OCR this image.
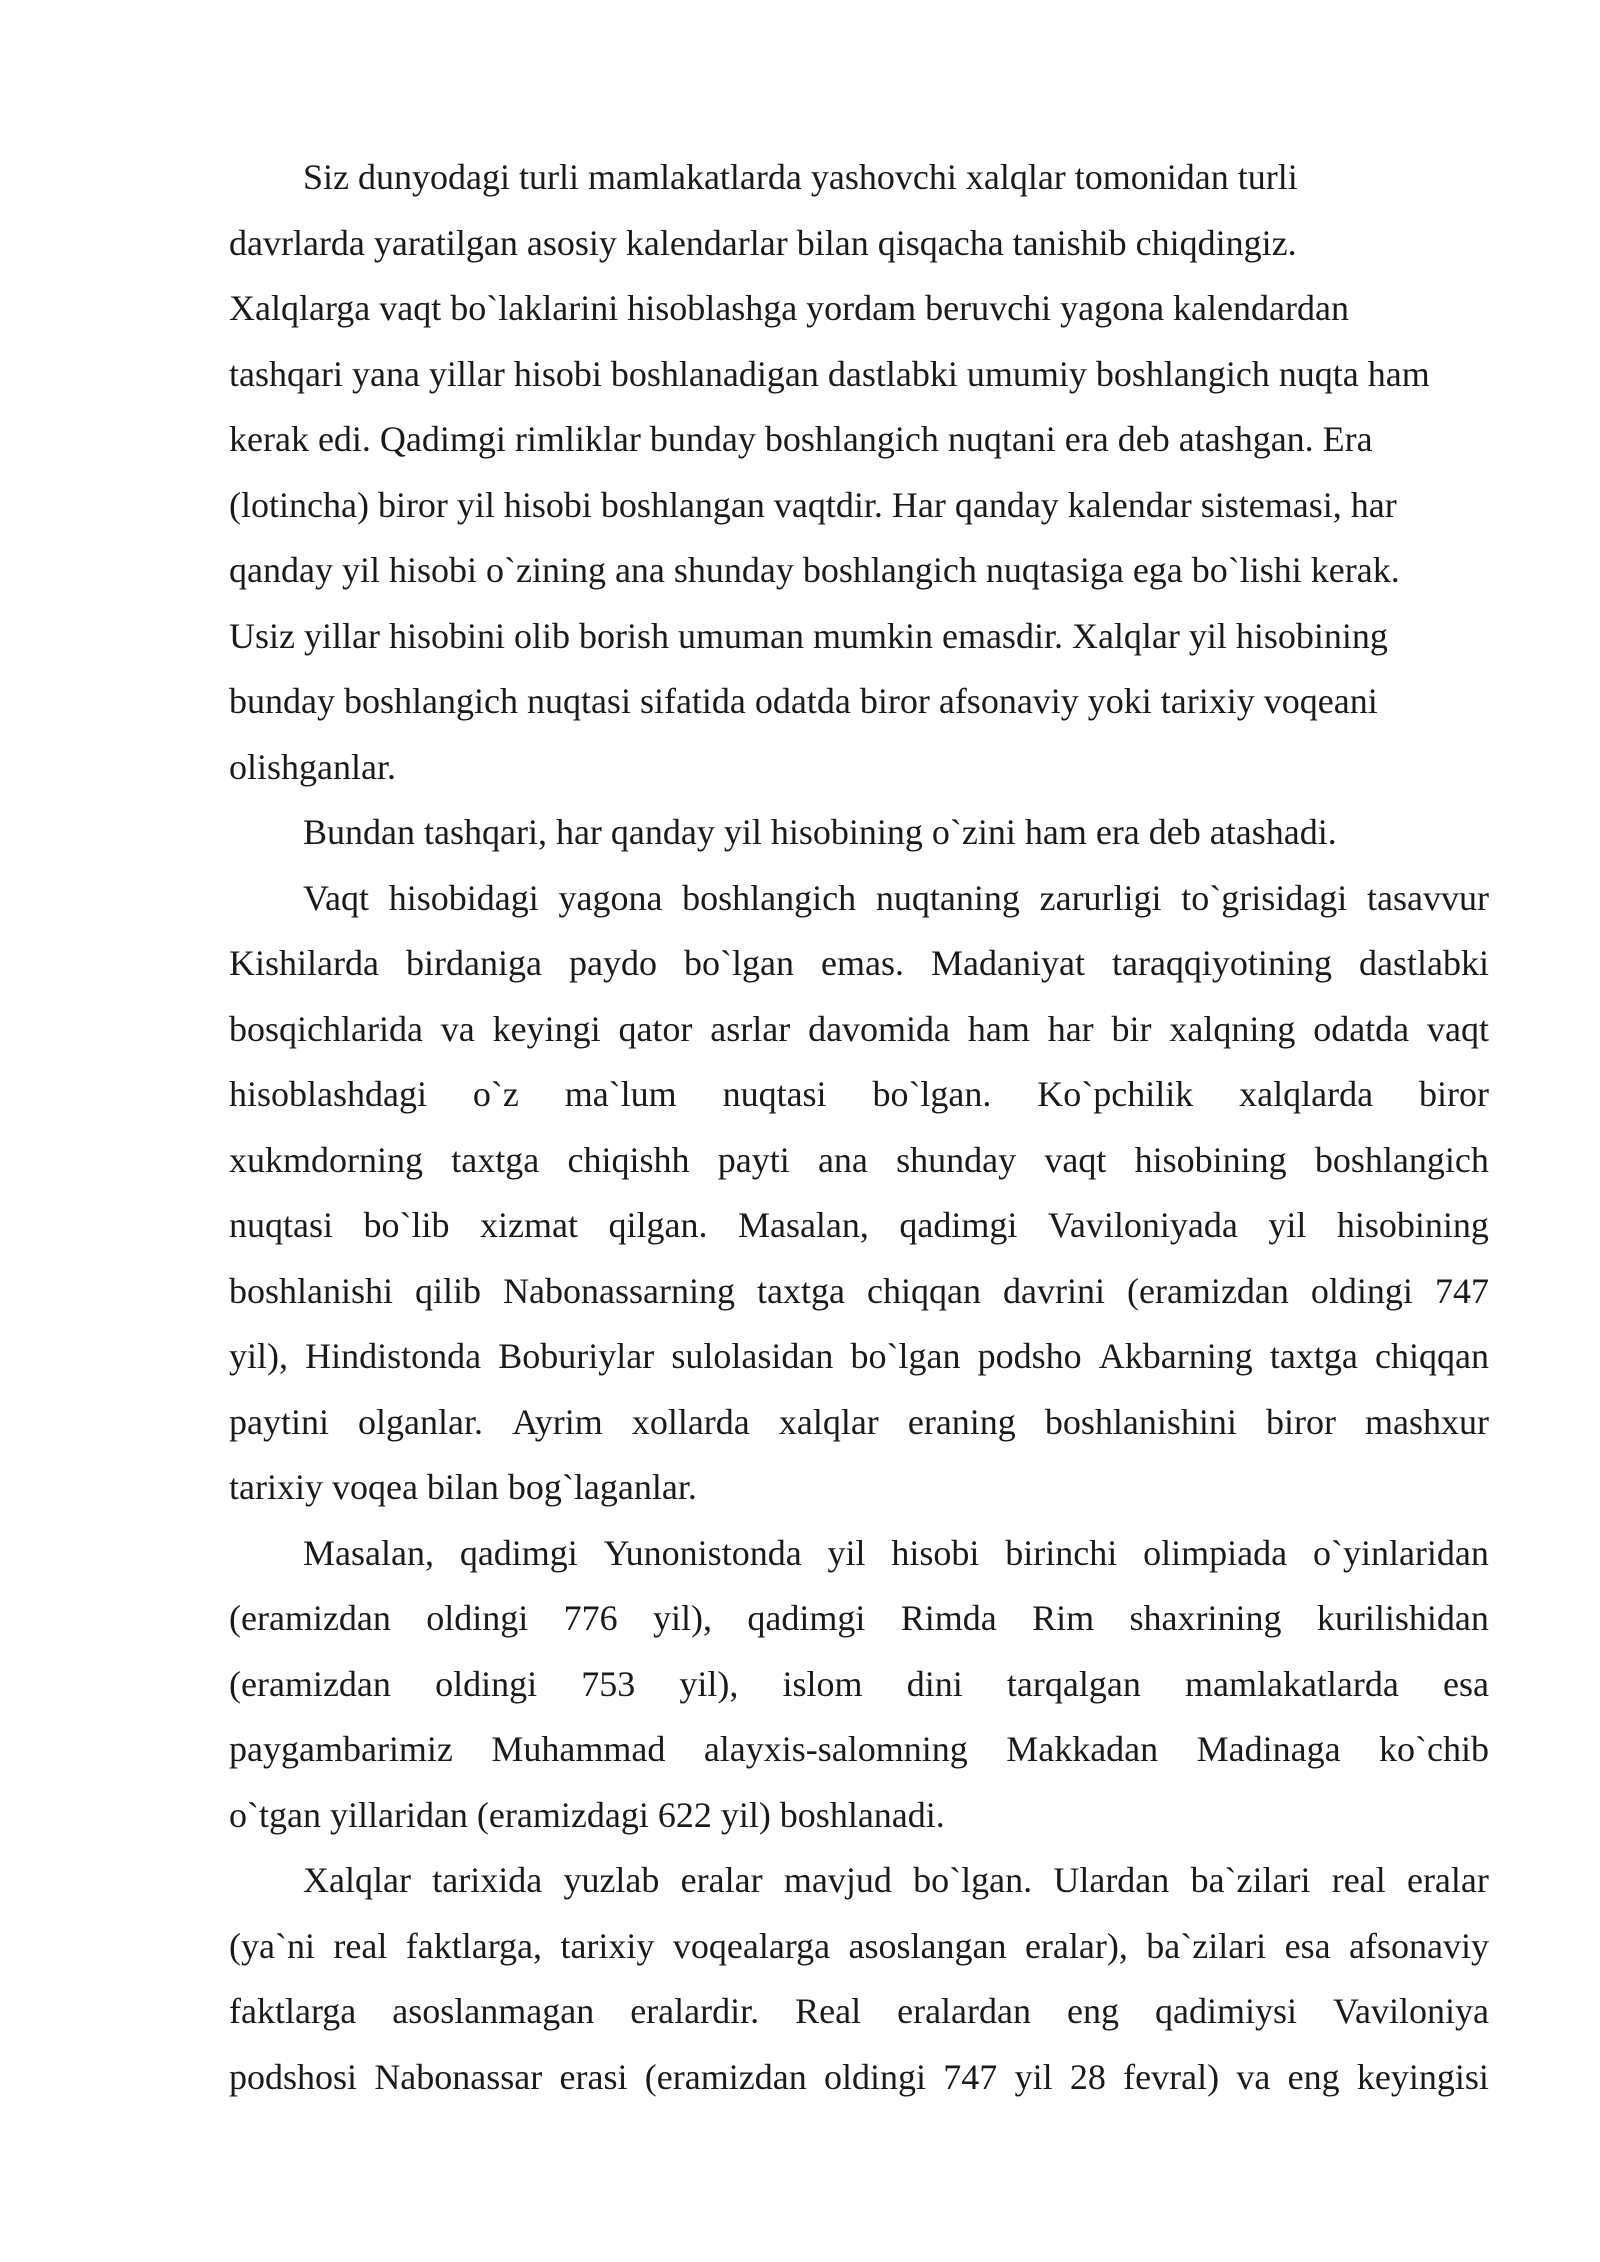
Siz dunyodagi turli mamlakatlarda yashovchi xalqlar tomonidan turli
davrlarda yaratilgan asosiy kalendarlar bilan qisqacha tanishib chiqdingiz.
Xalqlarga vaqt bo`laklarini hisoblashga yordam beruvchi yagona kalendardan
tashqari yana yillar hisobi boshlanadigan dastlabki umumiy boshlangich nuqta ham
kerak edi. Qadimgi rimliklar bunday boshlangich nuqtani era deb atashgan. Era
(lotincha) biror yil hisobi boshlangan vaqtdir. Har qanday kalendar sistemasi, har
qanday yil hisobi o`zining ana shunday boshlangich nuqtasiga ega bo`lishi kerak.
Usiz yillar hisobini olib borish umuman mumkin emasdir. Xalqlar yil hisobining
bunday boshlangich nuqtasi sifatida odatda biror afsonaviy yoki tarixiy voqeani
olishganlar.
Bundan tashqari, har qanday yil hisobining o`zini ham era deb atashadi.
Vaqt hisobidagi yagona boshlangich nuqtaning zarurligi to`grisidagi tasavvur
Kishilarda birdaniga paydo bo`lgan emas. Madaniyat taraqqiyotining dastlabki
bosqichlarida va keyingi qator asrlar davomida ham har bir xalqning odatda vaqt
hisoblashdagi o`z ma`lum nuqtasi bo`lgan. Ko`pchilik xalqlarda biror
xukmdorning taxtga chiqishh payti ana shunday vaqt hisobining boshlangich
nuqtasi bo`lib xizmat qilgan. Masalan, qadimgi Vaviloniyada yil hisobining
boshlanishi qilib Nabonassarning taxtga chiqqan davrini (eramizdan oldingi 747
yil), Hindistonda Boburiylar sulolasidan bo`lgan podsho Akbarning taxtga chiqqan
paytini olganlar. Ayrim xollarda xalqlar eraning boshlanishini biror mashxur
tarixiy voqea bilan bog`laganlar.
Masalan, qadimgi Yunonistonda yil hisobi birinchi olimpiada o`yinlaridan
(eramizdan oldingi 776 yil), qadimgi Rimda Rim shaxrining kurilishidan
(eramizdan oldingi 753 yil), islom dini tarqalgan mamlakatlarda esa
paygambarimiz Muhammad alayxis-salomning Makkadan Madinaga ko`chib
o`tgan yillaridan (eramizdagi 622 yil) boshlanadi.
Xalqlar tarixida yuzlab eralar mavjud bo`lgan. Ulardan ba`zilari real eralar
(ya`ni real faktlarga, tarixiy voqealarga asoslangan eralar), ba`zilari esa afsonaviy
faktlarga asoslanmagan eralardir. Real eralardan eng qadimiysi Vaviloniya
podshosi Nabonassar erasi (eramizdan oldingi 747 yil 28 fevral) va eng keyingisi
